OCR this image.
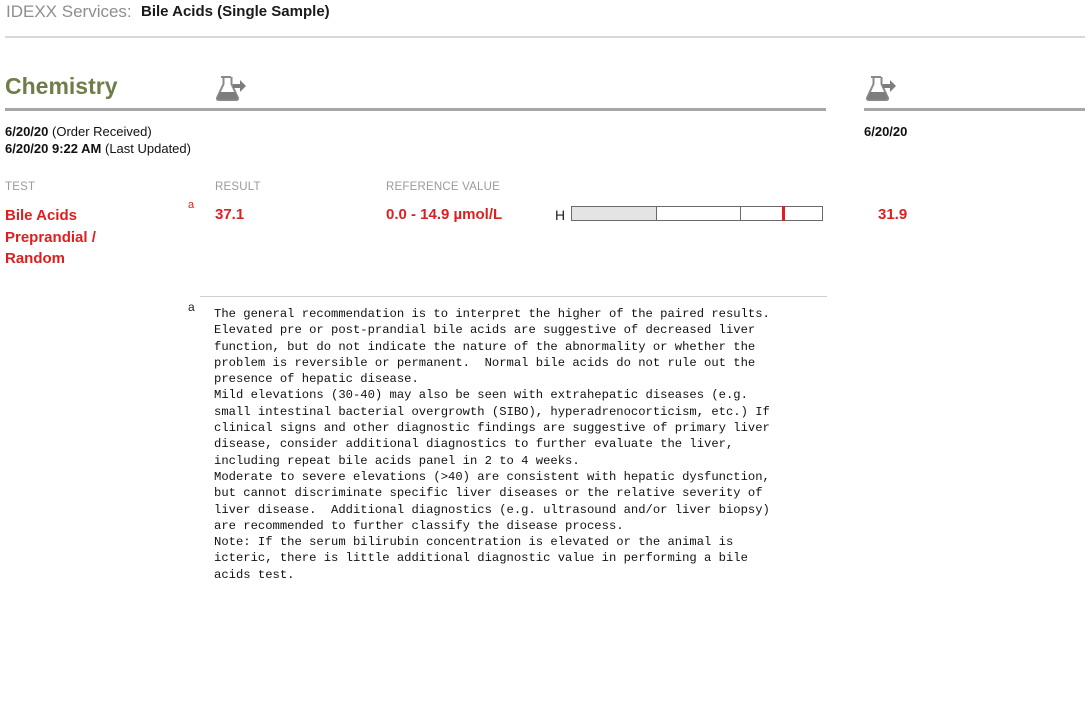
IDEXX Services: Bile Acids (Single Sample)
Chemistry
6/20/20 (Order Received)
6/20/20 9:22 AM (Last Updated)
6/20/20
TEST	RESULT	REFERENCE VALUE
Bile Acids
Preprandial /
Random
a
37.1	0.0 - 14.9 µmol/L	H	31.9
a The general recommendation is to interpret the higher of the paired results.
Elevated pre or post-prandial bile acids are suggestive of decreased liver
function, but do not indicate the nature of the abnormality or whether the
problem is reversible or permanent.  Normal bile acids do not rule out the
presence of hepatic disease.
Mild elevations (30-40) may also be seen with extrahepatic diseases (e.g.
small intestinal bacterial overgrowth (SIBO), hyperadrenocorticism, etc.) If
clinical signs and other diagnostic findings are suggestive of primary liver
disease, consider additional diagnostics to further evaluate the liver,
including repeat bile acids panel in 2 to 4 weeks.
Moderate to severe elevations (>40) are consistent with hepatic dysfunction,
but cannot discriminate specific liver diseases or the relative severity of
liver disease.  Additional diagnostics (e.g. ultrasound and/or liver biopsy)
are recommended to further classify the disease process.
Note: If the serum bilirubin concentration is elevated or the animal is
icteric, there is little additional diagnostic value in performing a bile
acids test.
